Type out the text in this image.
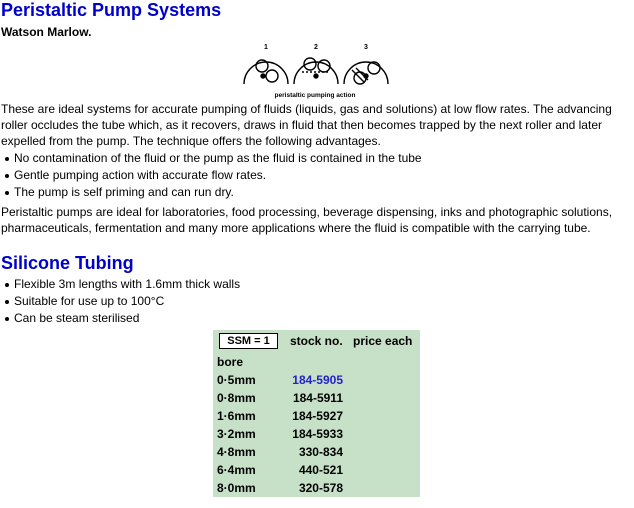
Peristaltic Pump Systems
Watson Marlow.
1	2	3
peristaltic pumping action
These are ideal systems for accurate pumping of fluids (liquids, gas and solutions) at low flow rates. The advancing roller occludes the tube which, as it recovers, draws in fluid that then becomes trapped by the next roller and later expelled from the pump. The technique offers the following advantages.
No contamination of the fluid or the pump as the fluid is contained in the tube
Gentle pumping action with accurate flow rates.
The pump is self priming and can run dry.
Peristaltic pumps are ideal for laboratories, food processing, beverage dispensing, inks and photographic solutions, pharmaceuticals, fermentation and many more applications where the fluid is compatible with the carrying tube.
Silicone Tubing
Flexible 3m lengths with 1.6mm thick walls
Suitable for use up to 100°C
Can be steam sterilised
SSM = 1	stock no. price each
bore
0·5mm	184-5905
0·8mm	184-5911
1·6mm	184-5927
3·2mm	184-5933
4·8mm	330-834
6·4mm	440-521
8·0mm	320-578
